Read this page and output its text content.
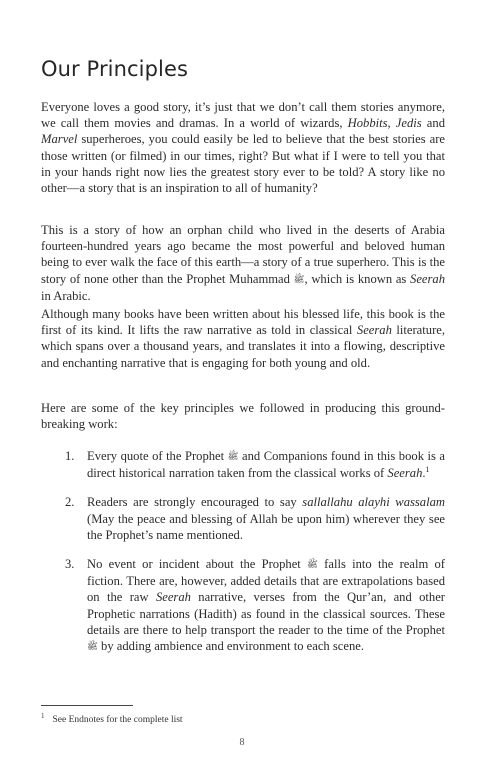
Our Principles

Everyone loves a good story, it’s just that we don’t call them stories anymore, we call them movies and dramas. In a world of wizards, Hobbits, Jedis and Marvel superheroes, you could easily be led to believe that the best stories are those written (or filmed) in our times, right? But what if I were to tell you that in your hands right now lies the greatest story ever to be told? A story like no other—a story that is an inspiration to all of humanity?

This is a story of how an orphan child who lived in the deserts of Arabia fourteen-hundred years ago became the most powerful and beloved human being to ever walk the face of this earth—a story of a true superhero. This is the story of none other than the Prophet Muhammad ﷺ, which is known as Seerah in Arabic.

Although many books have been written about his blessed life, this book is the first of its kind. It lifts the raw narrative as told in classical Seerah literature, which spans over a thousand years, and translates it into a flowing, descriptive and enchanting narrative that is engaging for both young and old.

Here are some of the key principles we followed in producing this ground-breaking work:

1. Every quote of the Prophet ﷺ and Companions found in this book is a direct historical narration taken from the classical works of Seerah.$^1$
2. Readers are strongly encouraged to say sallallahu alayhi wassalam (May the peace and blessing of Allah be upon him) wherever they see the Prophet’s name mentioned.
3. No event or incident about the Prophet ﷺ falls into the realm of fiction. There are, however, added details that are extrapolations based on the raw Seerah narrative, verses from the Qur’an, and other Prophetic narrations (Hadith) as found in the classical sources. These details are there to help transport the reader to the time of the Prophet ﷺ by adding ambience and environment to each scene.
$^1$ See Endnotes for the complete list
8
